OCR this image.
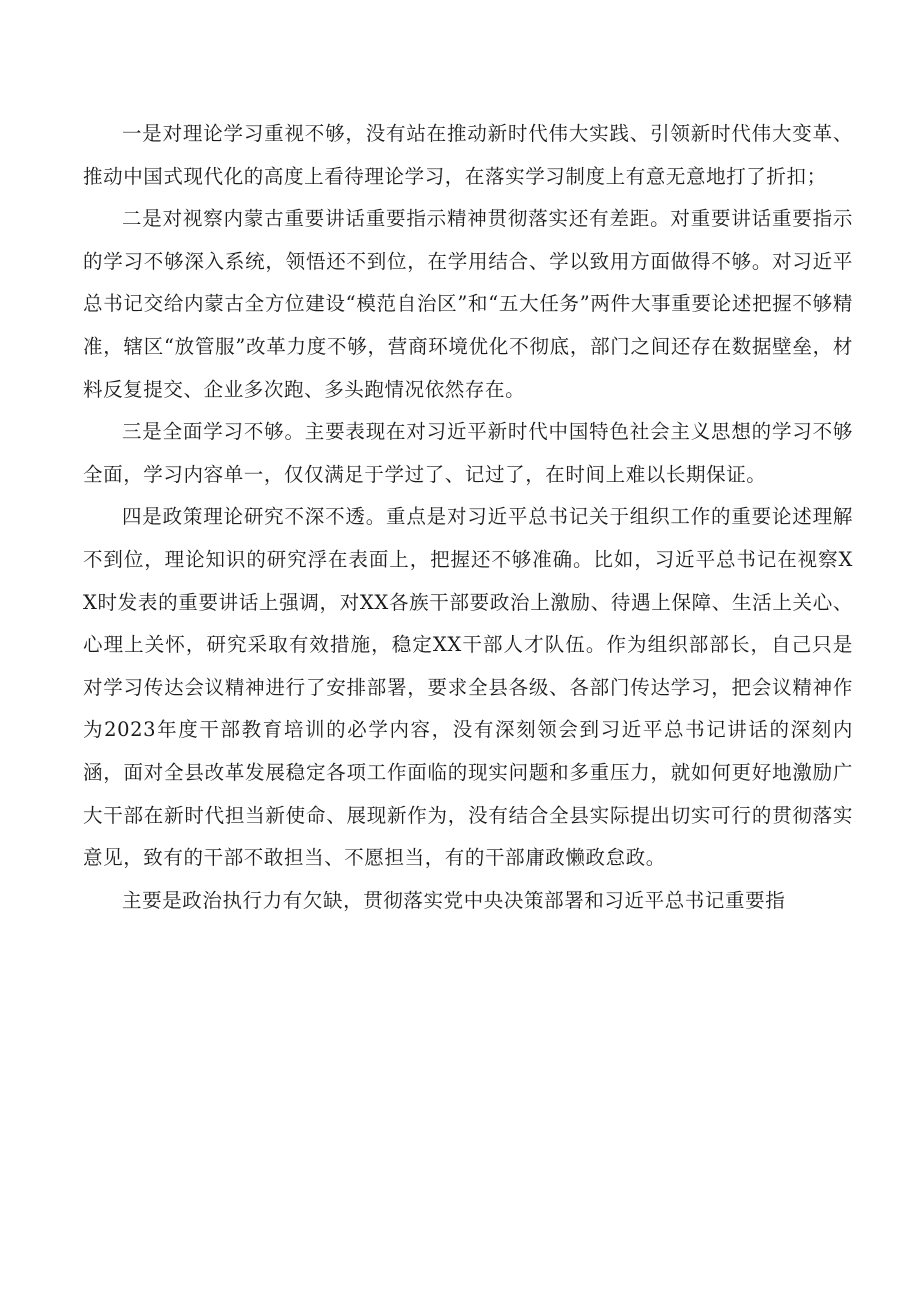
一是对理论学习重视不够，没有站在推动新时代伟大实践、引领新时代伟大变革、推动中国式现代化的高度上看待理论学习，在落实学习制度上有意无意地打了折扣；

二是对视察内蒙古重要讲话重要指示精神贯彻落实还有差距。对重要讲话重要指示的学习不够深入系统，领悟还不到位，在学用结合、学以致用方面做得不够。对习近平总书记交给内蒙古全方位建设“模范自治区”和“五大任务”两件大事重要论述把握不够精准，辖区“放管服”改革力度不够，营商环境优化不彻底，部门之间还存在数据壁垒，材料反复提交、企业多次跑、多头跑情况依然存在。

三是全面学习不够。主要表现在对习近平新时代中国特色社会主义思想的学习不够全面，学习内容单一，仅仅满足于学过了、记过了，在时间上难以长期保证。

四是政策理论研究不深不透。重点是对习近平总书记关于组织工作的重要论述理解不到位，理论知识的研究浮在表面上，把握还不够准确。比如，习近平总书记在视察XX时发表的重要讲话上强调，对XX各族干部要政治上激励、待遇上保障、生活上关心、心理上关怀，研究采取有效措施，稳定XX干部人才队伍。作为组织部部长，自己只是对学习传达会议精神进行了安排部署，要求全县各级、各部门传达学习，把会议精神作为2023年度干部教育培训的必学内容，没有深刻领会到习近平总书记讲话的深刻内涵，面对全县改革发展稳定各项工作面临的现实问题和多重压力，就如何更好地激励广大干部在新时代担当新使命、展现新作为，没有结合全县实际提出切实可行的贯彻落实意见，致有的干部不敢担当、不愿担当，有的干部庸政懒政怠政。

主要是政治执行力有欠缺，贯彻落实党中央决策部署和习近平总书记重要指
